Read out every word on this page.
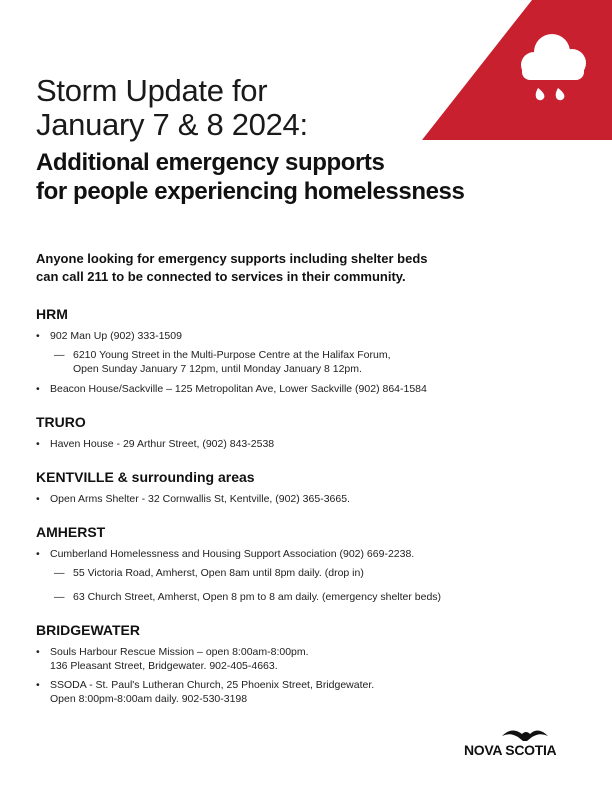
Storm Update for
January 7 & 8 2024:
Additional emergency supports
for people experiencing homelessness
Anyone looking for emergency supports including shelter beds
can call 211 to be connected to services in their community.
HRM
• 902 Man Up (902) 333-1509
— 6210 Young Street in the Multi-Purpose Centre at the Halifax Forum,
Open Sunday January 7 12pm, until Monday January 8 12pm.
• Beacon House/Sackville – 125 Metropolitan Ave, Lower Sackville (902) 864-1584
TRURO
• Haven House - 29 Arthur Street, (902) 843-2538
KENTVILLE & surrounding areas
• Open Arms Shelter - 32 Cornwallis St, Kentville, (902) 365-3665.
AMHERST
• Cumberland Homelessness and Housing Support Association (902) 669-2238.
— 55 Victoria Road, Amherst, Open 8am until 8pm daily. (drop in)
— 63 Church Street, Amherst, Open 8 pm to 8 am daily. (emergency shelter beds)
BRIDGEWATER
• Souls Harbour Rescue Mission – open 8:00am-8:00pm.
136 Pleasant Street, Bridgewater. 902-405-4663.
• SSODA - St. Paul's Lutheran Church, 25 Phoenix Street, Bridgewater.
Open 8:00pm-8:00am daily. 902-530-3198
NOVA SCOTIA
